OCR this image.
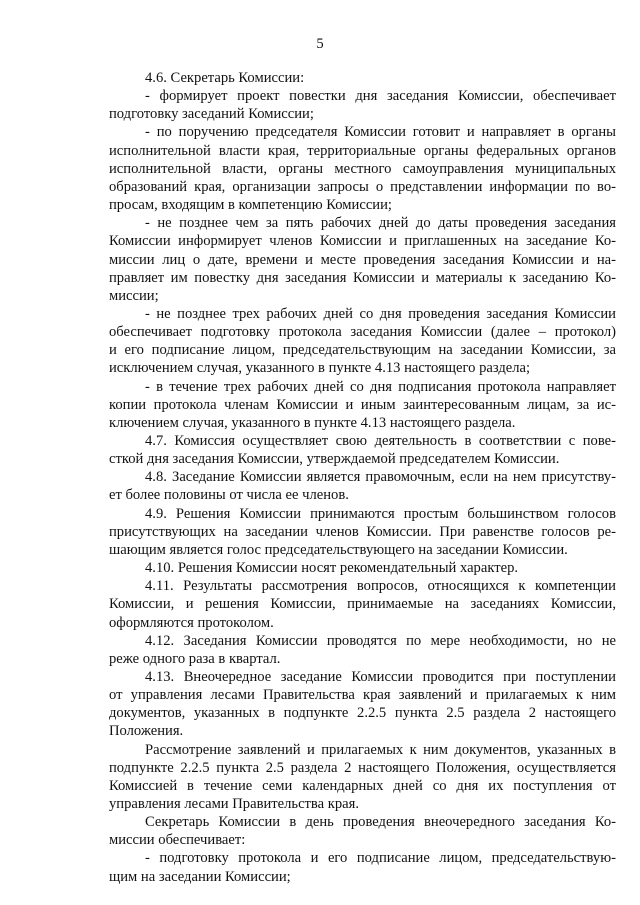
5
4.6. Секретарь Комиссии:
- формирует проект повестки дня заседания Комиссии, обеспечивает
подготовку заседаний Комиссии;
- по поручению председателя Комиссии готовит и направляет в органы
исполнительной власти края, территориальные органы федеральных органов
исполнительной власти, органы местного самоуправления муниципальных
образований края, организации запросы о представлении информации по во-
просам, входящим в компетенцию Комиссии;
- не позднее чем за пять рабочих дней до даты проведения заседания
Комиссии информирует членов Комиссии и приглашенных на заседание Ко-
миссии лиц о дате, времени и месте проведения заседания Комиссии и на-
правляет им повестку дня заседания Комиссии и материалы к заседанию Ко-
миссии;
- не позднее трех рабочих дней со дня проведения заседания Комиссии
обеспечивает подготовку протокола заседания Комиссии (далее – протокол)
и его подписание лицом, председательствующим на заседании Комиссии, за
исключением случая, указанного в пункте 4.13 настоящего раздела;
- в течение трех рабочих дней со дня подписания протокола направляет
копии протокола членам Комиссии и иным заинтересованным лицам, за ис-
ключением случая, указанного в пункте 4.13 настоящего раздела.
4.7. Комиссия осуществляет свою деятельность в соответствии с пове-
сткой дня заседания Комиссии, утверждаемой председателем Комиссии.
4.8. Заседание Комиссии является правомочным, если на нем присутству-
ет более половины от числа ее членов.
4.9. Решения Комиссии принимаются простым большинством голосов
присутствующих на заседании членов Комиссии. При равенстве голосов ре-
шающим является голос председательствующего на заседании Комиссии.
4.10. Решения Комиссии носят рекомендательный характер.
4.11. Результаты рассмотрения вопросов, относящихся к компетенции
Комиссии, и решения Комиссии, принимаемые на заседаниях Комиссии,
оформляются протоколом.
4.12. Заседания Комиссии проводятся по мере необходимости, но не
реже одного раза в квартал.
4.13. Внеочередное заседание Комиссии проводится при поступлении
от управления лесами Правительства края заявлений и прилагаемых к ним
документов, указанных в подпункте 2.2.5 пункта 2.5 раздела 2 настоящего
Положения.
Рассмотрение заявлений и прилагаемых к ним документов, указанных в
подпункте 2.2.5 пункта 2.5 раздела 2 настоящего Положения, осуществляется
Комиссией в течение семи календарных дней со дня их поступления от
управления лесами Правительства края.
Секретарь Комиссии в день проведения внеочередного заседания Ко-
миссии обеспечивает:
- подготовку протокола и его подписание лицом, председательствую-
щим на заседании Комиссии;
